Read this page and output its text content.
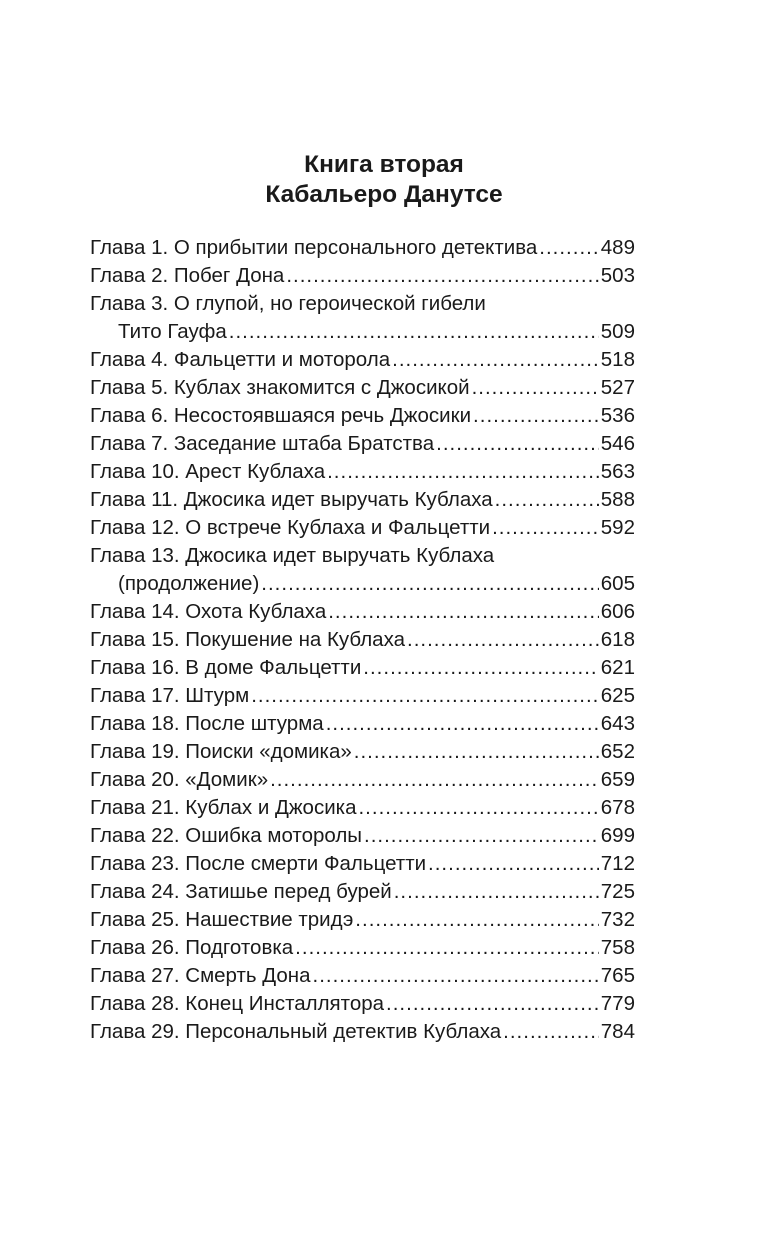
Книга вторая
Кабальеро Данутсе
Глава 1. О прибытии персонального детектива .....	489
Глава 2. Побег Дона .....	503
Глава 3. О глупой, но героической гибели
Тито Гауфа .....	509
Глава 4. Фальцетти и моторола .....	518
Глава 5. Кублах знакомится с Джосикой .....	527
Глава 6. Несостоявшаяся речь Джосики .....	536
Глава 7. Заседание штаба Братства .....	546
Глава 10. Арест Кублаха .....	563
Глава 11. Джосика идет выручать Кублаха .....	588
Глава 12. О встрече Кублаха и Фальцетти .....	592
Глава 13. Джосика идет выручать Кублаха
(продолжение) .....	605
Глава 14. Охота Кублаха .....	606
Глава 15. Покушение на Кублаха .....	618
Глава 16. В доме Фальцетти .....	621
Глава 17. Штурм .....	625
Глава 18. После штурма .....	643
Глава 19. Поиски «домика» .....	652
Глава 20. «Домик» .....	659
Глава 21. Кублах и Джосика .....	678
Глава 22. Ошибка моторолы .....	699
Глава 23. После смерти Фальцетти .....	712
Глава 24. Затишье перед бурей .....	725
Глава 25. Нашествие тридэ .....	732
Глава 26. Подготовка .....	758
Глава 27. Смерть Дона .....	765
Глава 28. Конец Инсталлятора .....	779
Глава 29. Персональный детектив Кублаха .....	784
